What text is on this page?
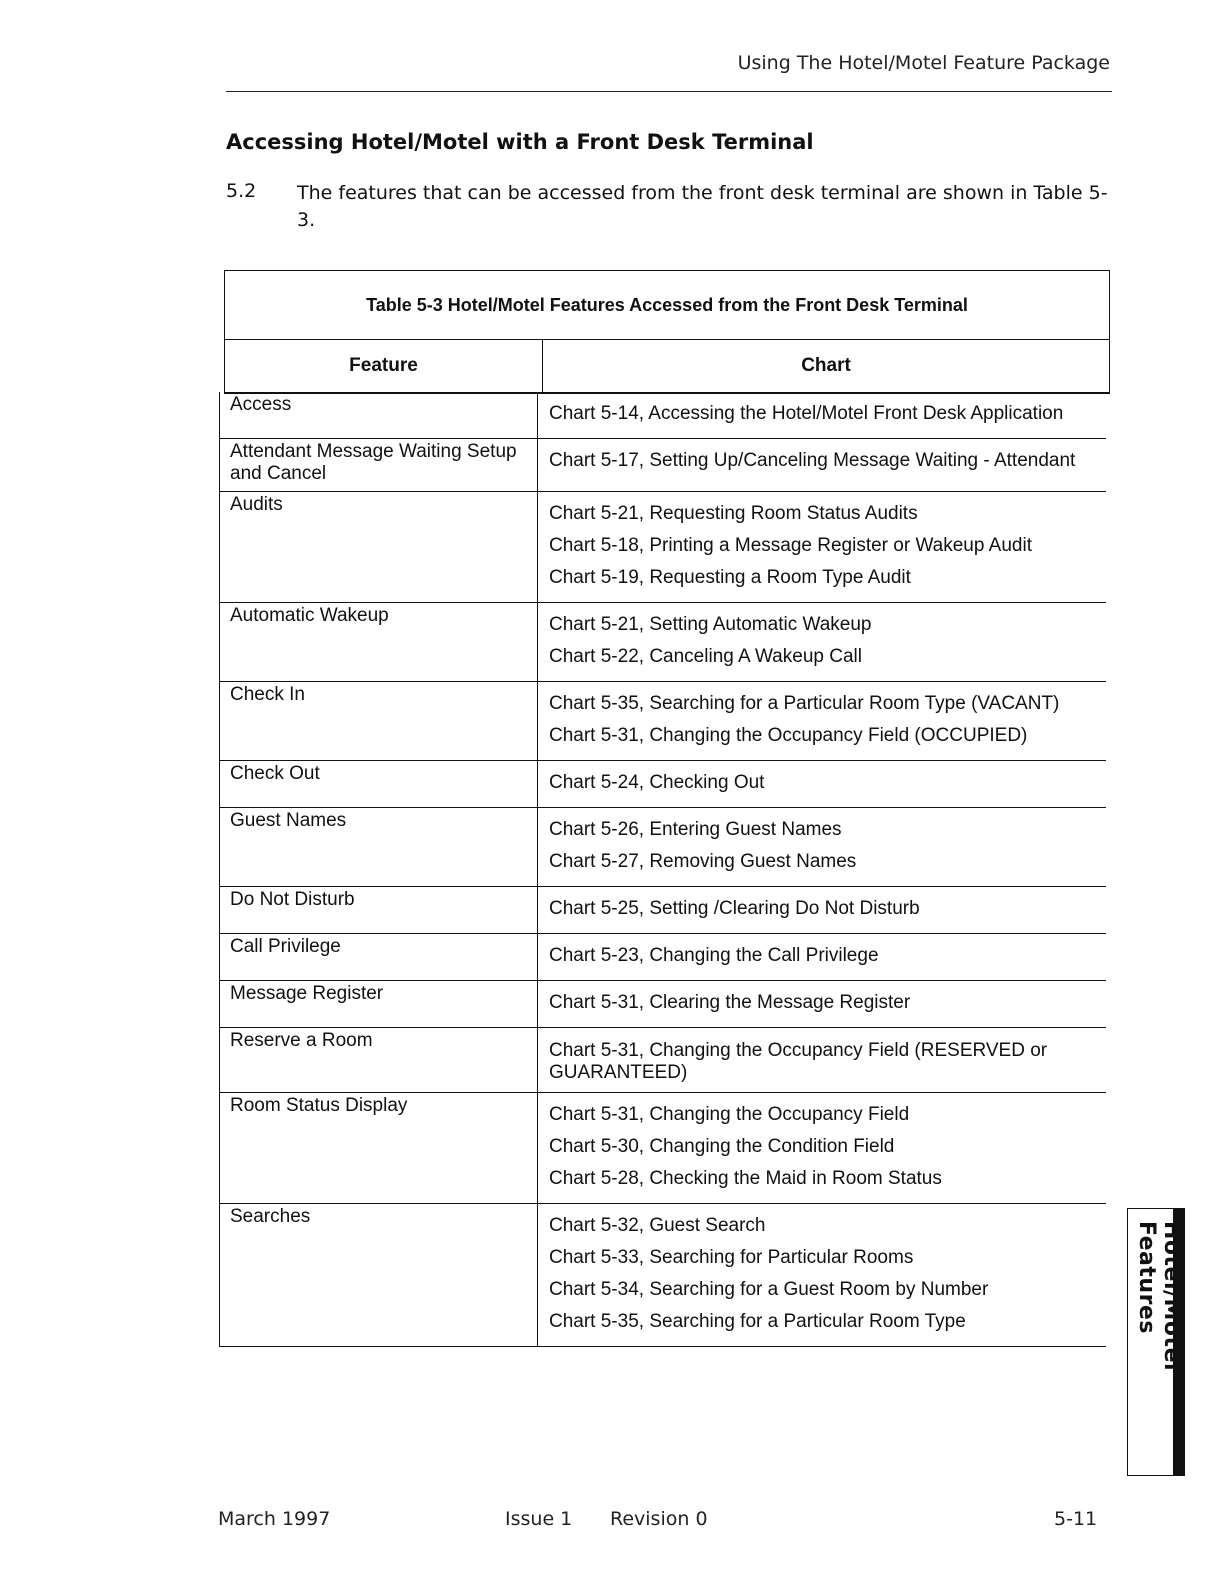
Using The Hotel/Motel Feature Package
Accessing Hotel/Motel with a Front Desk Terminal
5.2 The features that can be accessed from the front desk terminal are shown in Table 5-3.
Table 5-3 Hotel/Motel Features Accessed from the Front Desk Terminal
Feature	Chart
Access	Chart 5-14, Accessing the Hotel/Motel Front Desk Application
Attendant Message Waiting Setup and Cancel
Chart 5-17, Setting Up/Canceling Message Waiting - Attendant
Audits	Chart 5-21, Requesting Room Status Audits
Chart 5-18, Printing a Message Register or Wakeup Audit
Chart 5-19, Requesting a Room Type Audit
Automatic Wakeup	Chart 5-21, Setting Automatic Wakeup
Chart 5-22, Canceling A Wakeup Call
Check In	Chart 5-35, Searching for a Particular Room Type (VACANT)
Chart 5-31, Changing the Occupancy Field (OCCUPIED)
Check Out	Chart 5-24, Checking Out
Guest Names	Chart 5-26, Entering Guest Names
Chart 5-27, Removing Guest Names
Do Not Disturb	Chart 5-25, Setting /Clearing Do Not Disturb
Call Privilege	Chart 5-23, Changing the Call Privilege
Message Register	Chart 5-31, Clearing the Message Register
Reserve a Room	Chart 5-31, Changing the Occupancy Field (RESERVED or GUARANTEED)
Room Status Display	Chart 5-31, Changing the Occupancy Field
Chart 5-30, Changing the Condition Field
Chart 5-28, Checking the Maid in Room Status
Searches	Chart 5-32, Guest Search
Chart 5-33, Searching for Particular Rooms
Chart 5-34, Searching for a Guest Room by Number
Chart 5-35, Searching for a Particular Room Type	Hotel/Motel Features
March 1997	Issue 1 Revision 0	5-11
